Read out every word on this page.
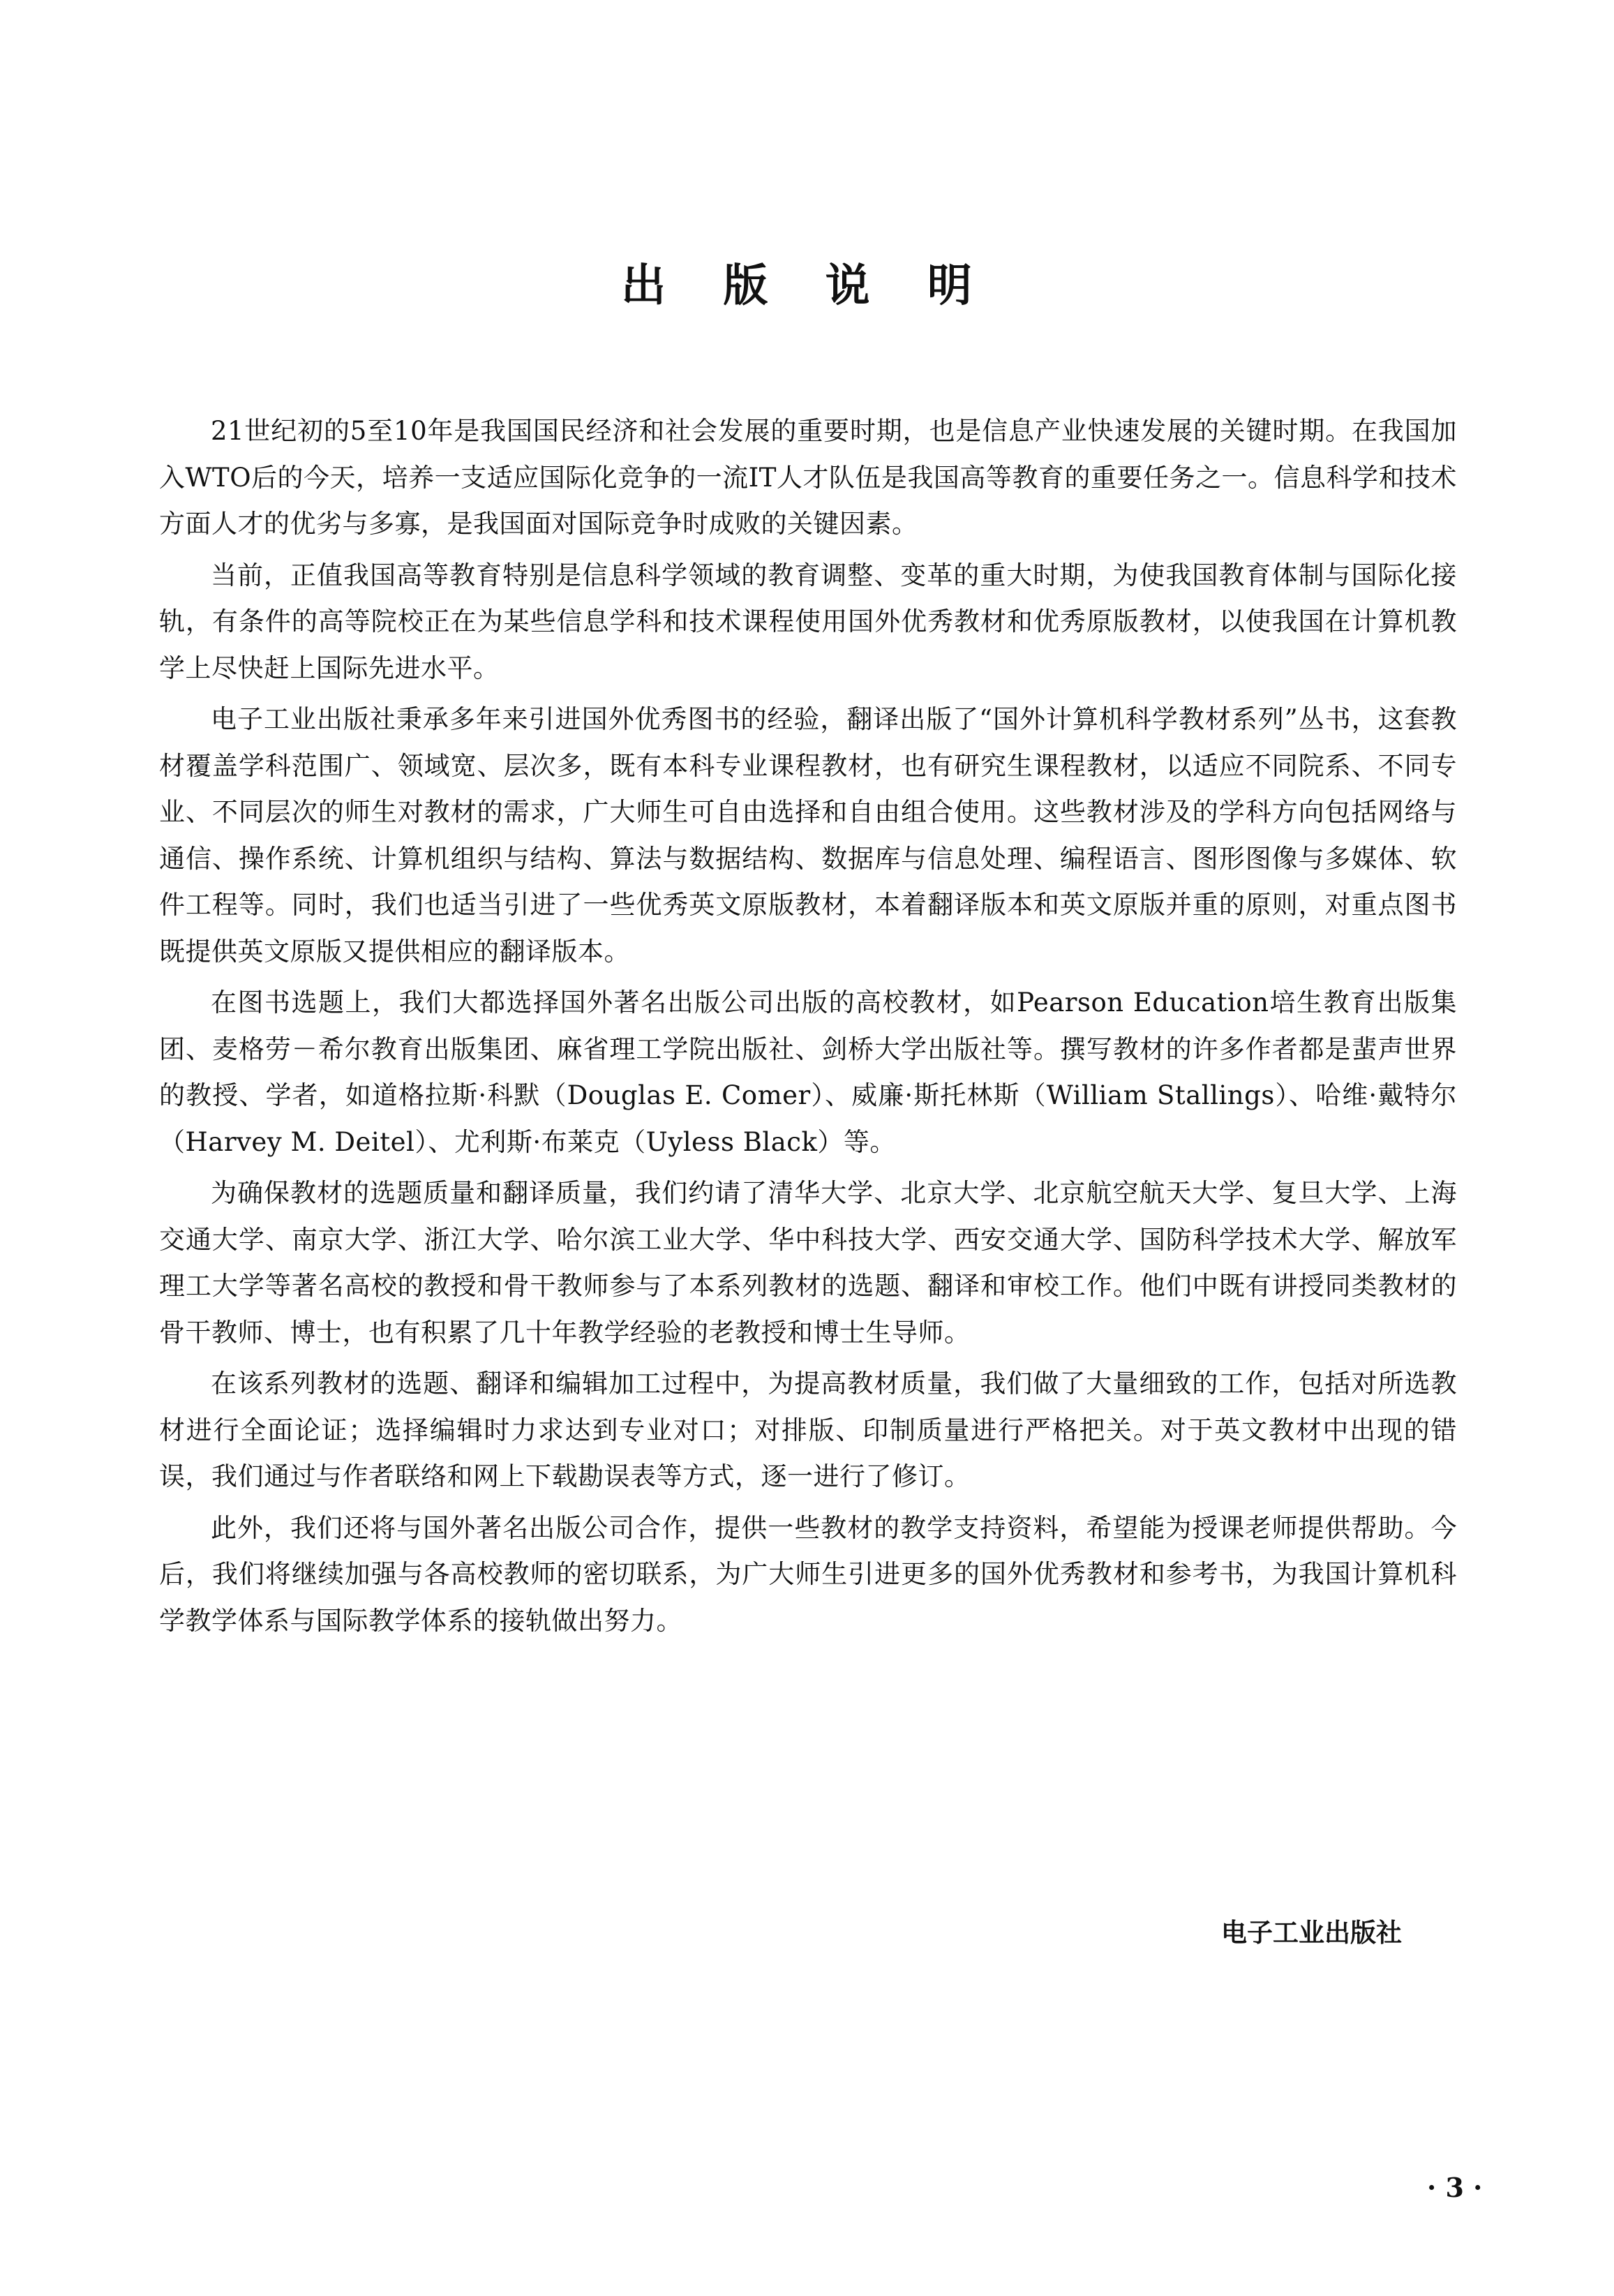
出 版 说 明

21世纪初的5至10年是我国国民经济和社会发展的重要时期，也是信息产业快速发展的关键时期。在我国加入WTO后的今天，培养一支适应国际化竞争的一流IT人才队伍是我国高等教育的重要任务之一。信息科学和技术方面人才的优劣与多寡，是我国面对国际竞争时成败的关键因素。

当前，正值我国高等教育特别是信息科学领域的教育调整、变革的重大时期，为使我国教育体制与国际化接轨，有条件的高等院校正在为某些信息学科和技术课程使用国外优秀教材和优秀原版教材，以使我国在计算机教学上尽快赶上国际先进水平。

电子工业出版社秉承多年来引进国外优秀图书的经验，翻译出版了“国外计算机科学教材系列”丛书，这套教材覆盖学科范围广、领域宽、层次多，既有本科专业课程教材，也有研究生课程教材，以适应不同院系、不同专业、不同层次的师生对教材的需求，广大师生可自由选择和自由组合使用。这些教材涉及的学科方向包括网络与通信、操作系统、计算机组织与结构、算法与数据结构、数据库与信息处理、编程语言、图形图像与多媒体、软件工程等。同时，我们也适当引进了一些优秀英文原版教材，本着翻译版本和英文原版并重的原则，对重点图书既提供英文原版又提供相应的翻译版本。

在图书选题上，我们大都选择国外著名出版公司出版的高校教材，如Pearson Education培生教育出版集团、麦格劳－希尔教育出版集团、麻省理工学院出版社、剑桥大学出版社等。撰写教材的许多作者都是蜚声世界的教授、学者，如道格拉斯·科默（Douglas E. Comer）、威廉·斯托林斯（William Stallings）、哈维·戴特尔（Harvey M. Deitel）、尤利斯·布莱克（Uyless Black）等。

为确保教材的选题质量和翻译质量，我们约请了清华大学、北京大学、北京航空航天大学、复旦大学、上海交通大学、南京大学、浙江大学、哈尔滨工业大学、华中科技大学、西安交通大学、国防科学技术大学、解放军理工大学等著名高校的教授和骨干教师参与了本系列教材的选题、翻译和审校工作。他们中既有讲授同类教材的骨干教师、博士，也有积累了几十年教学经验的老教授和博士生导师。

在该系列教材的选题、翻译和编辑加工过程中，为提高教材质量，我们做了大量细致的工作，包括对所选教材进行全面论证；选择编辑时力求达到专业对口；对排版、印制质量进行严格把关。对于英文教材中出现的错误，我们通过与作者联络和网上下载勘误表等方式，逐一进行了修订。

此外，我们还将与国外著名出版公司合作，提供一些教材的教学支持资料，希望能为授课老师提供帮助。今后，我们将继续加强与各高校教师的密切联系，为广大师生引进更多的国外优秀教材和参考书，为我国计算机科学教学体系与国际教学体系的接轨做出努力。

电子工业出版社
· 3 ·
